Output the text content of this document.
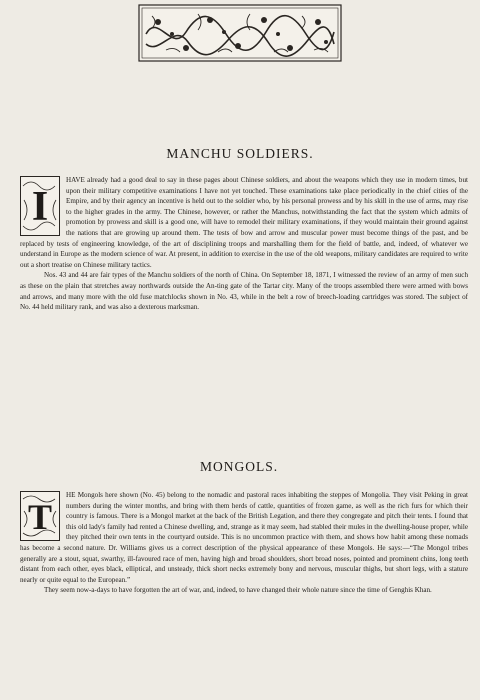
MANCHU SOLDIERS.
I

HAVE already had a good deal to say in these pages about Chinese soldiers, and about the weapons which they use in modern times, but upon their military competitive examinations I have not yet touched. These examinations take place periodically in the chief cities of the Empire, and by their agency an incentive is held out to the soldier who, by his personal prowess and by his skill in the use of arms, may rise to the higher grades in the army. The Chinese, however, or rather the Manchus, notwithstanding the fact that the system which admits of promotion by prowess and skill is a good one, will have to remodel their military examinations, if they would maintain their ground against the nations that are growing up around them. The tests of bow and arrow and muscular power must become things of the past, and be replaced by tests of engineering knowledge, of the art of disciplining troops and marshalling them for the field of battle, and, indeed, of whatever we understand in Europe as the modern science of war. At present, in addition to exercise in the use of the old weapons, military candidates are required to write out a short treatise on Chinese military tactics.

Nos. 43 and 44 are fair types of the Manchu soldiers of the north of China. On September 18, 1871, I witnessed the review of an army of men such as these on the plain that stretches away northwards outside the An-ting gate of the Tartar city. Many of the troops assembled there were armed with bows and arrows, and many more with the old fuse matchlocks shown in No. 43, while in the belt a row of breech-loading cartridges was stored. The subject of No. 44 held military rank, and was also a dexterous marksman.

MONGOLS.
T

HE Mongols here shown (No. 45) belong to the nomadic and pastoral races inhabiting the steppes of Mongolia. They visit Peking in great numbers during the winter months, and bring with them herds of cattle, quantities of frozen game, as well as the rich furs for which their country is famous. There is a Mongol market at the back of the British Legation, and there they congregate and pitch their tents. I found that this old lady's family had rented a Chinese dwelling, and, strange as it may seem, had stabled their mules in the dwelling-house proper, while they pitched their own tents in the courtyard outside. This is no uncommon practice with them, and shows how habit among these nomads has become a second nature. Dr. Williams gives us a correct description of the physical appearance of these Mongols. He says:—“The Mongol tribes generally are a stout, squat, swarthy, ill-favoured race of men, having high and broad shoulders, short broad noses, pointed and prominent chins, long teeth distant from each other, eyes black, elliptical, and unsteady, thick short necks extremely bony and nervous, muscular thighs, but short legs, with a stature nearly or quite equal to the European.”

They seem now-a-days to have forgotten the art of war, and, indeed, to have changed their whole nature since the time of Genghis Khan.
